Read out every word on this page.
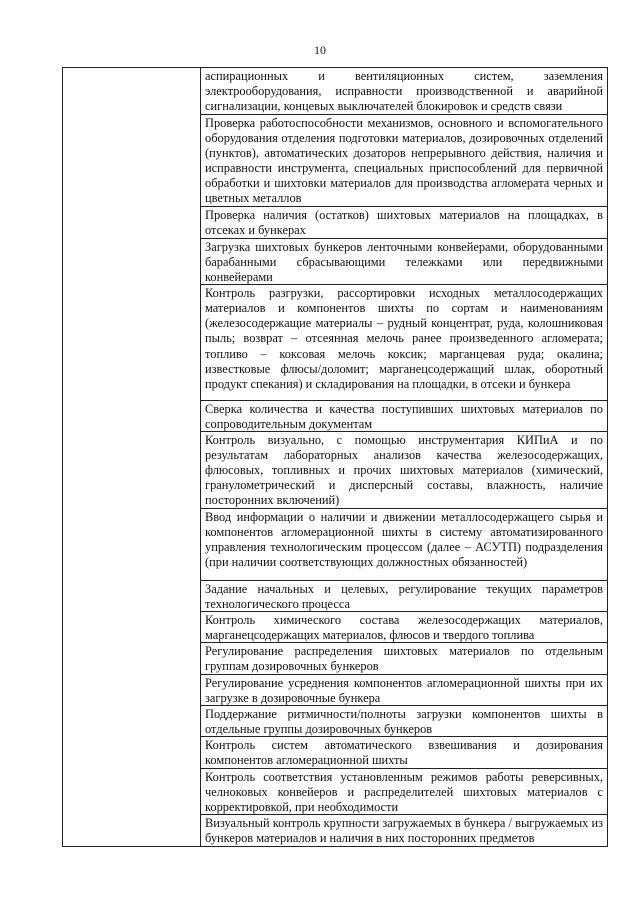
10
аспирационных и вентиляционных систем, заземления электрооборудования, исправности производственной и аварийной сигнализации, концевых выключателей блокировок и средств связи
Проверка работоспособности механизмов, основного и вспомогательного оборудования отделения подготовки материалов, дозировочных отделений (пунктов), автоматических дозаторов непрерывного действия, наличия и исправности инструмента, специальных приспособлений для первичной обработки и шихтовки материалов для производства агломерата черных и цветных металлов
Проверка наличия (остатков) шихтовых материалов на площадках, в отсеках и бункерах
Загрузка шихтовых бункеров ленточными конвейерами, оборудованными барабанными сбрасывающими тележками или передвижными конвейерами
Контроль разгрузки, рассортировки исходных металлосодержащих материалов и компонентов шихты по сортам и наименованиям (железосодержащие материалы – рудный концентрат, руда, колошниковая пыль; возврат – отсеянная мелочь ранее произведенного агломерата; топливо – коксовая мелочь коксик; марганцевая руда; окалина; известковые флюсы/доломит; марганецсодержащий шлак, оборотный продукт спекания) и складирования на площадки, в отсеки и бункера
Сверка количества и качества поступивших шихтовых материалов по сопроводительным документам
Контроль визуально, с помощью инструментария КИПиА и по результатам лабораторных анализов качества железосодержащих, флюсовых, топливных и прочих шихтовых материалов (химический, гранулометрический и дисперсный составы, влажность, наличие посторонних включений)
Ввод информации о наличии и движении металлосодержащего сырья и компонентов агломерационной шихты в систему автоматизированного управления технологическим процессом (далее – АСУТП) подразделения (при наличии соответствующих должностных обязанностей)
Задание начальных и целевых, регулирование текущих параметров технологического процесса
Контроль химического состава железосодержащих материалов, марганецсодержащих материалов, флюсов и твердого топлива
Регулирование распределения шихтовых материалов по отдельным группам дозировочных бункеров
Регулирование усреднения компонентов агломерационной шихты при их загрузке в дозировочные бункера
Поддержание ритмичности/полноты загрузки компонентов шихты в отдельные группы дозировочных бункеров
Контроль систем автоматического взвешивания и дозирования компонентов агломерационной шихты
Контроль соответствия установленным режимов работы реверсивных, челноковых конвейеров и распределителей шихтовых материалов с корректировкой, при необходимости
Визуальный контроль крупности загружаемых в бункера / выгружаемых из бункеров материалов и наличия в них посторонних предметов
